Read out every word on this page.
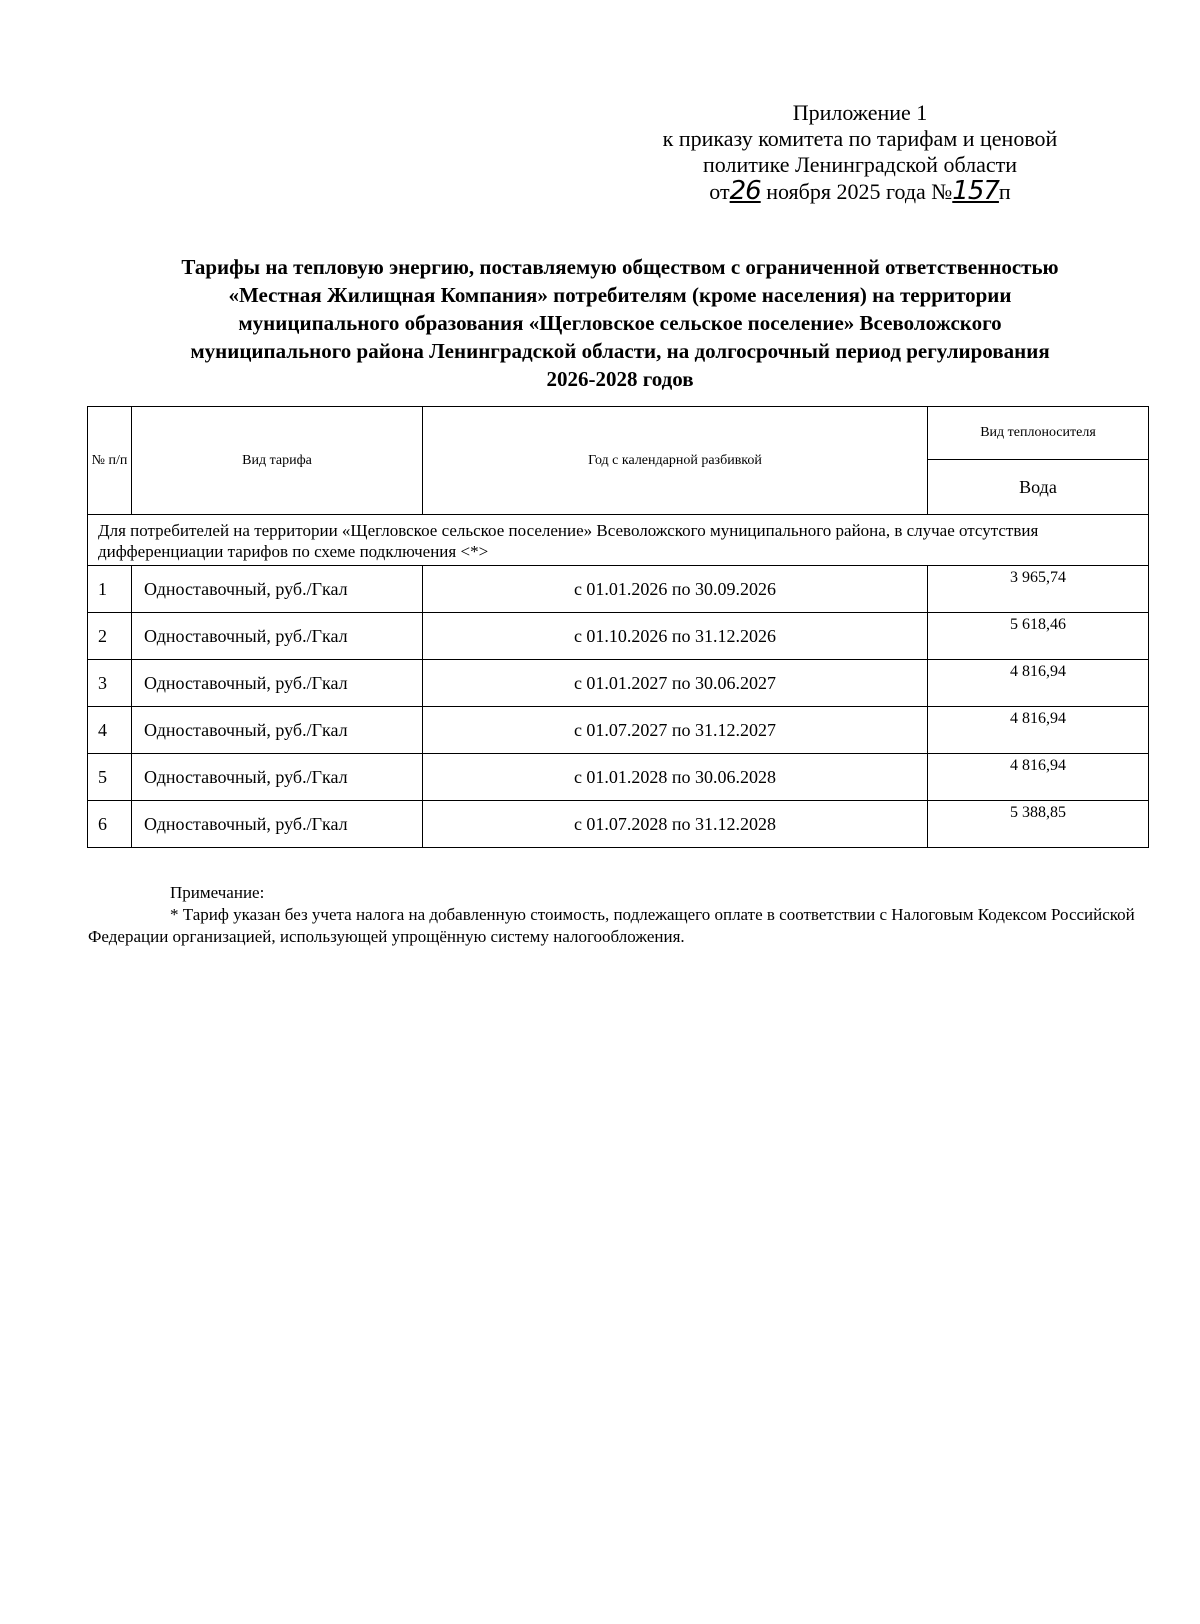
Приложение 1
к приказу комитета по тарифам и ценовой
политике Ленинградской области
от26 ноября 2025 года №157п
Тарифы на тепловую энергию, поставляемую обществом с ограниченной ответственностью
«Местная Жилищная Компания» потребителям (кроме населения) на территории
муниципального образования «Щегловское сельское поселение» Всеволожского
муниципального района Ленинградской области, на долгосрочный период регулирования
2026-2028 годов
№ п/п	Вид тарифа	Год с календарной разбивкой	Вид теплоносителя
			Вода
Для потребителей на территории «Щегловское сельское поселение» Всеволожского муниципального района, в случае отсутствия дифференциации тарифов по схеме подключения <*>			
1	Одноставочный, руб./Гкал	с 01.01.2026 по 30.09.2026	3 965,74
2	Одноставочный, руб./Гкал	с 01.10.2026 по 31.12.2026	5 618,46
3	Одноставочный, руб./Гкал	с 01.01.2027 по 30.06.2027	4 816,94
4	Одноставочный, руб./Гкал	с 01.07.2027 по 31.12.2027	4 816,94
5	Одноставочный, руб./Гкал	с 01.01.2028 по 30.06.2028	4 816,94
6	Одноставочный, руб./Гкал	с 01.07.2028 по 31.12.2028	5 388,85
Примечание:
* Тариф указан без учета налога на добавленную стоимость, подлежащего оплате в соответствии с Налоговым Кодексом Российской Федерации организацией, использующей упрощённую систему налогообложения.
